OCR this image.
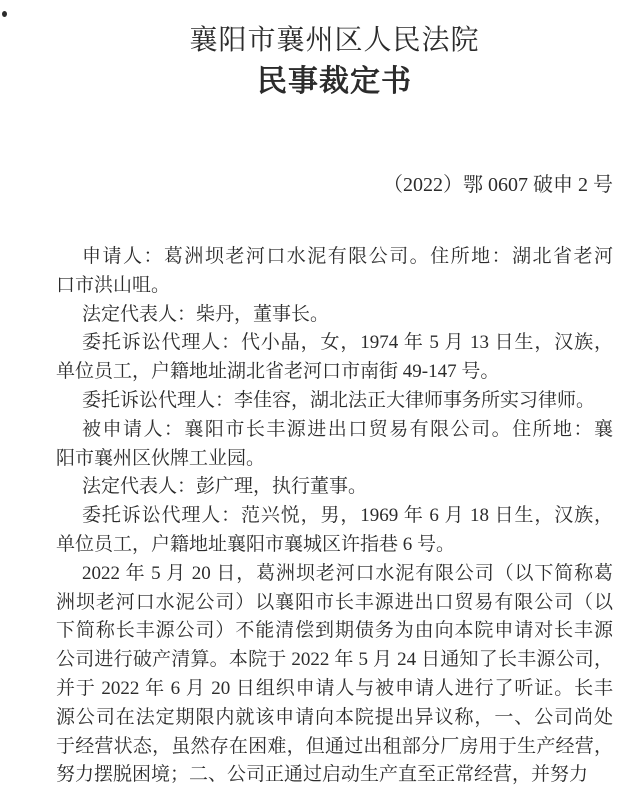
襄阳市襄州区人民法院
民事裁定书
（2022）鄂 0607 破申 2 号
申请人：葛洲坝老河口水泥有限公司。住所地：湖北省老河
口市洪山咀。
法定代表人：柴丹，董事长。
委托诉讼代理人：代小晶，女，1974 年 5 月 13 日生，汉族，
单位员工，户籍地址湖北省老河口市南街 49-147 号。
委托诉讼代理人：李佳容，湖北法正大律师事务所实习律师。
被申请人：襄阳市长丰源进出口贸易有限公司。住所地：襄
阳市襄州区伙牌工业园。
法定代表人：彭广理，执行董事。
委托诉讼代理人：范兴悦，男，1969 年 6 月 18 日生，汉族，
单位员工，户籍地址襄阳市襄城区许指巷 6 号。
2022 年 5 月 20 日，葛洲坝老河口水泥有限公司（以下简称葛
洲坝老河口水泥公司）以襄阳市长丰源进出口贸易有限公司（以
下简称长丰源公司）不能清偿到期债务为由向本院申请对长丰源
公司进行破产清算。本院于 2022 年 5 月 24 日通知了长丰源公司，
并于 2022 年 6 月 20 日组织申请人与被申请人进行了听证。长丰
源公司在法定期限内就该申请向本院提出异议称，一、公司尚处
于经营状态，虽然存在困难，但通过出租部分厂房用于生产经营，
努力摆脱困境；二、公司正通过启动生产直至正常经营，并努力
